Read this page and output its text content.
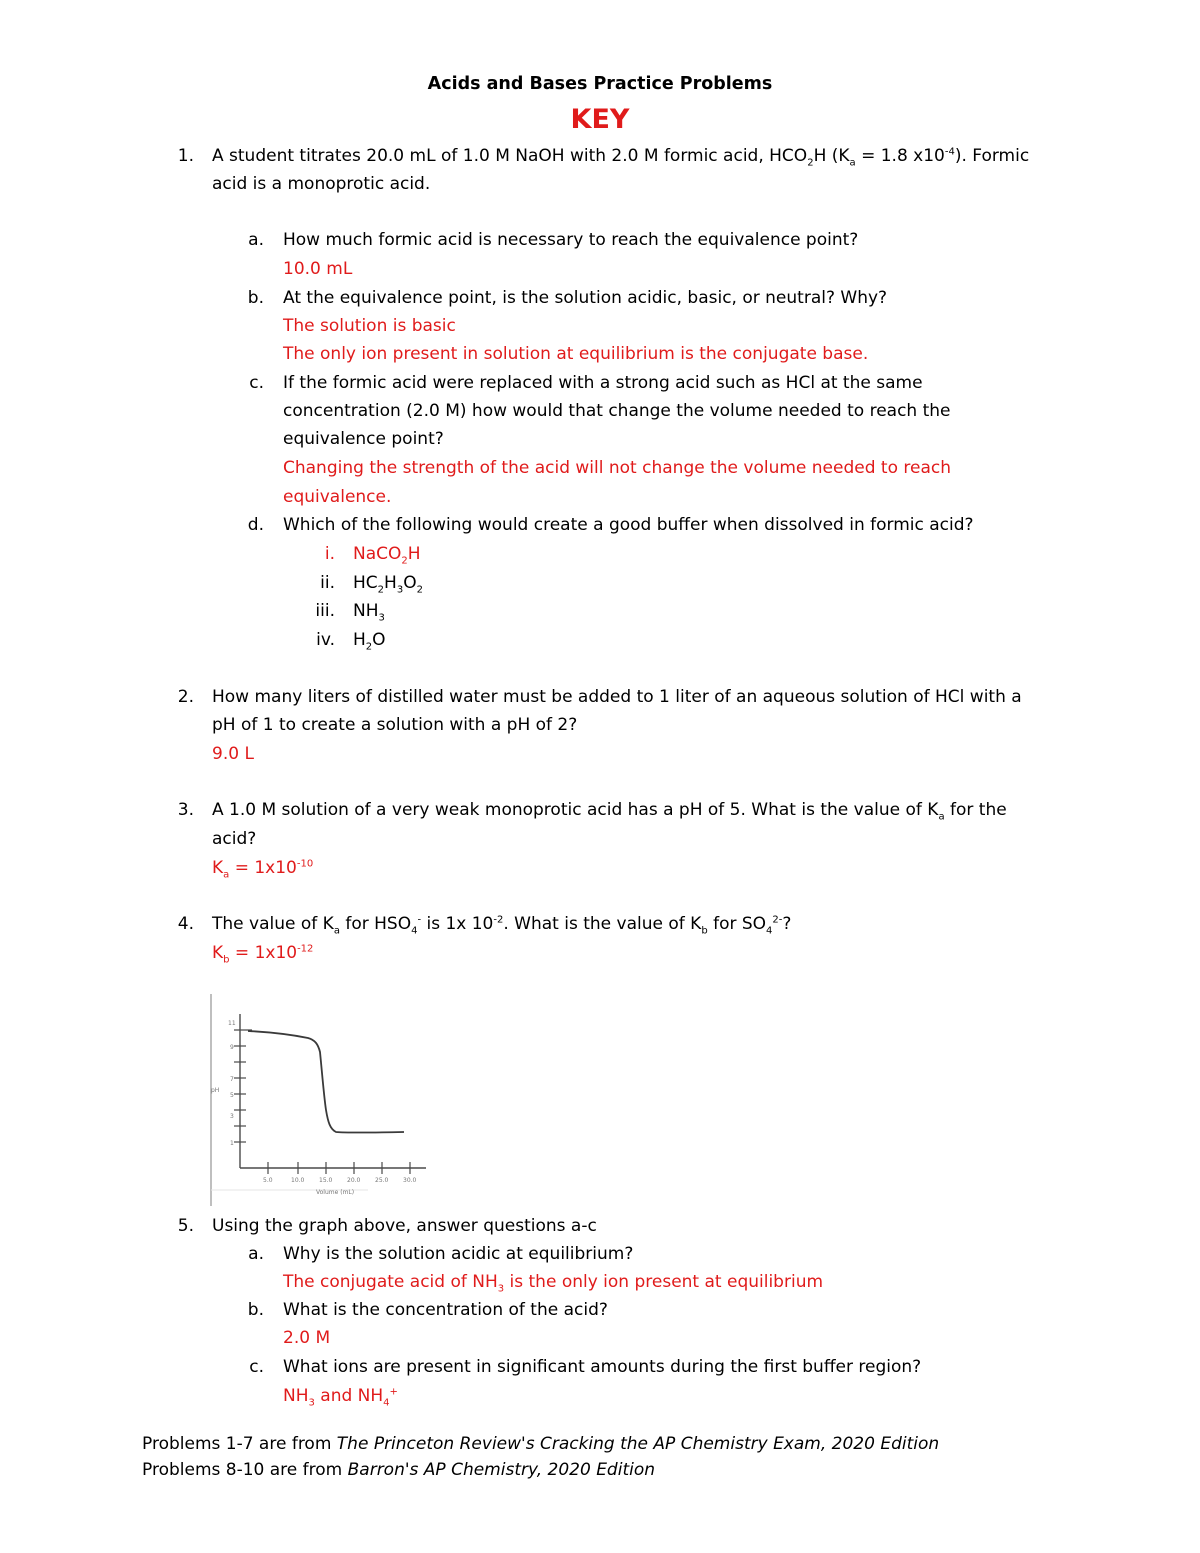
Acids and Bases Practice Problems
KEY
1. A student titrates 20.0 mL of 1.0 M NaOH with 2.0 M formic acid, $HCO_2H$ ($K_a = 1.8$ $x10^{-4}$). Formic
acid is a monoprotic acid.
a. How much formic acid is necessary to reach the equivalence point?
10.0 mL
b. At the equivalence point, is the solution acidic, basic, or neutral? Why?
The solution is basic
The only ion present in solution at equilibrium is the conjugate base.
c. If the formic acid were replaced with a strong acid such as HCl at the same
concentration (2.0 M) how would that change the volume needed to reach the
equivalence point?
Changing the strength of the acid will not change the volume needed to reach
equivalence.
d. Which of the following would create a good buffer when dissolved in formic acid?
i. NaCO$_2$H
ii. $HC_2H_3O_2$
iii. $NH_3$
iv. $H_2O$
2. How many liters of distilled water must be added to 1 liter of an aqueous solution of HCl with a
pH of 1 to create a solution with a pH of 2?
9.0 L
3. A 1.0 M solution of a very weak monoprotic acid has a pH of 5. What is the value of $K_a$ for the
acid?
$K_a = 1x10^{-10}$
4. The value of $K_a$ for $HSO_4^-$ is 1x $10^{-2}$. What is the value of $K_b$ for $SO_4^{2-}$?
$K_b = 1x10^{-12}$
11
9
7
5
3
1
pH
5.0	10.0 15.0 20.0 25.0 30.0
Volume (mL)
5. Using the graph above, answer questions a-c
a. Why is the solution acidic at equilibrium?
The conjugate acid of $NH_3$ is the only ion present at equilibrium
b. What is the concentration of the acid?
2.0 M
c. What ions are present in significant amounts during the first buffer region?
$NH_3$ and $NH_4^+$
Problems 1-7 are from The Princeton Review's Cracking the AP Chemistry Exam, 2020 Edition
Problems 8-10 are from Barron's AP Chemistry, 2020 Edition
